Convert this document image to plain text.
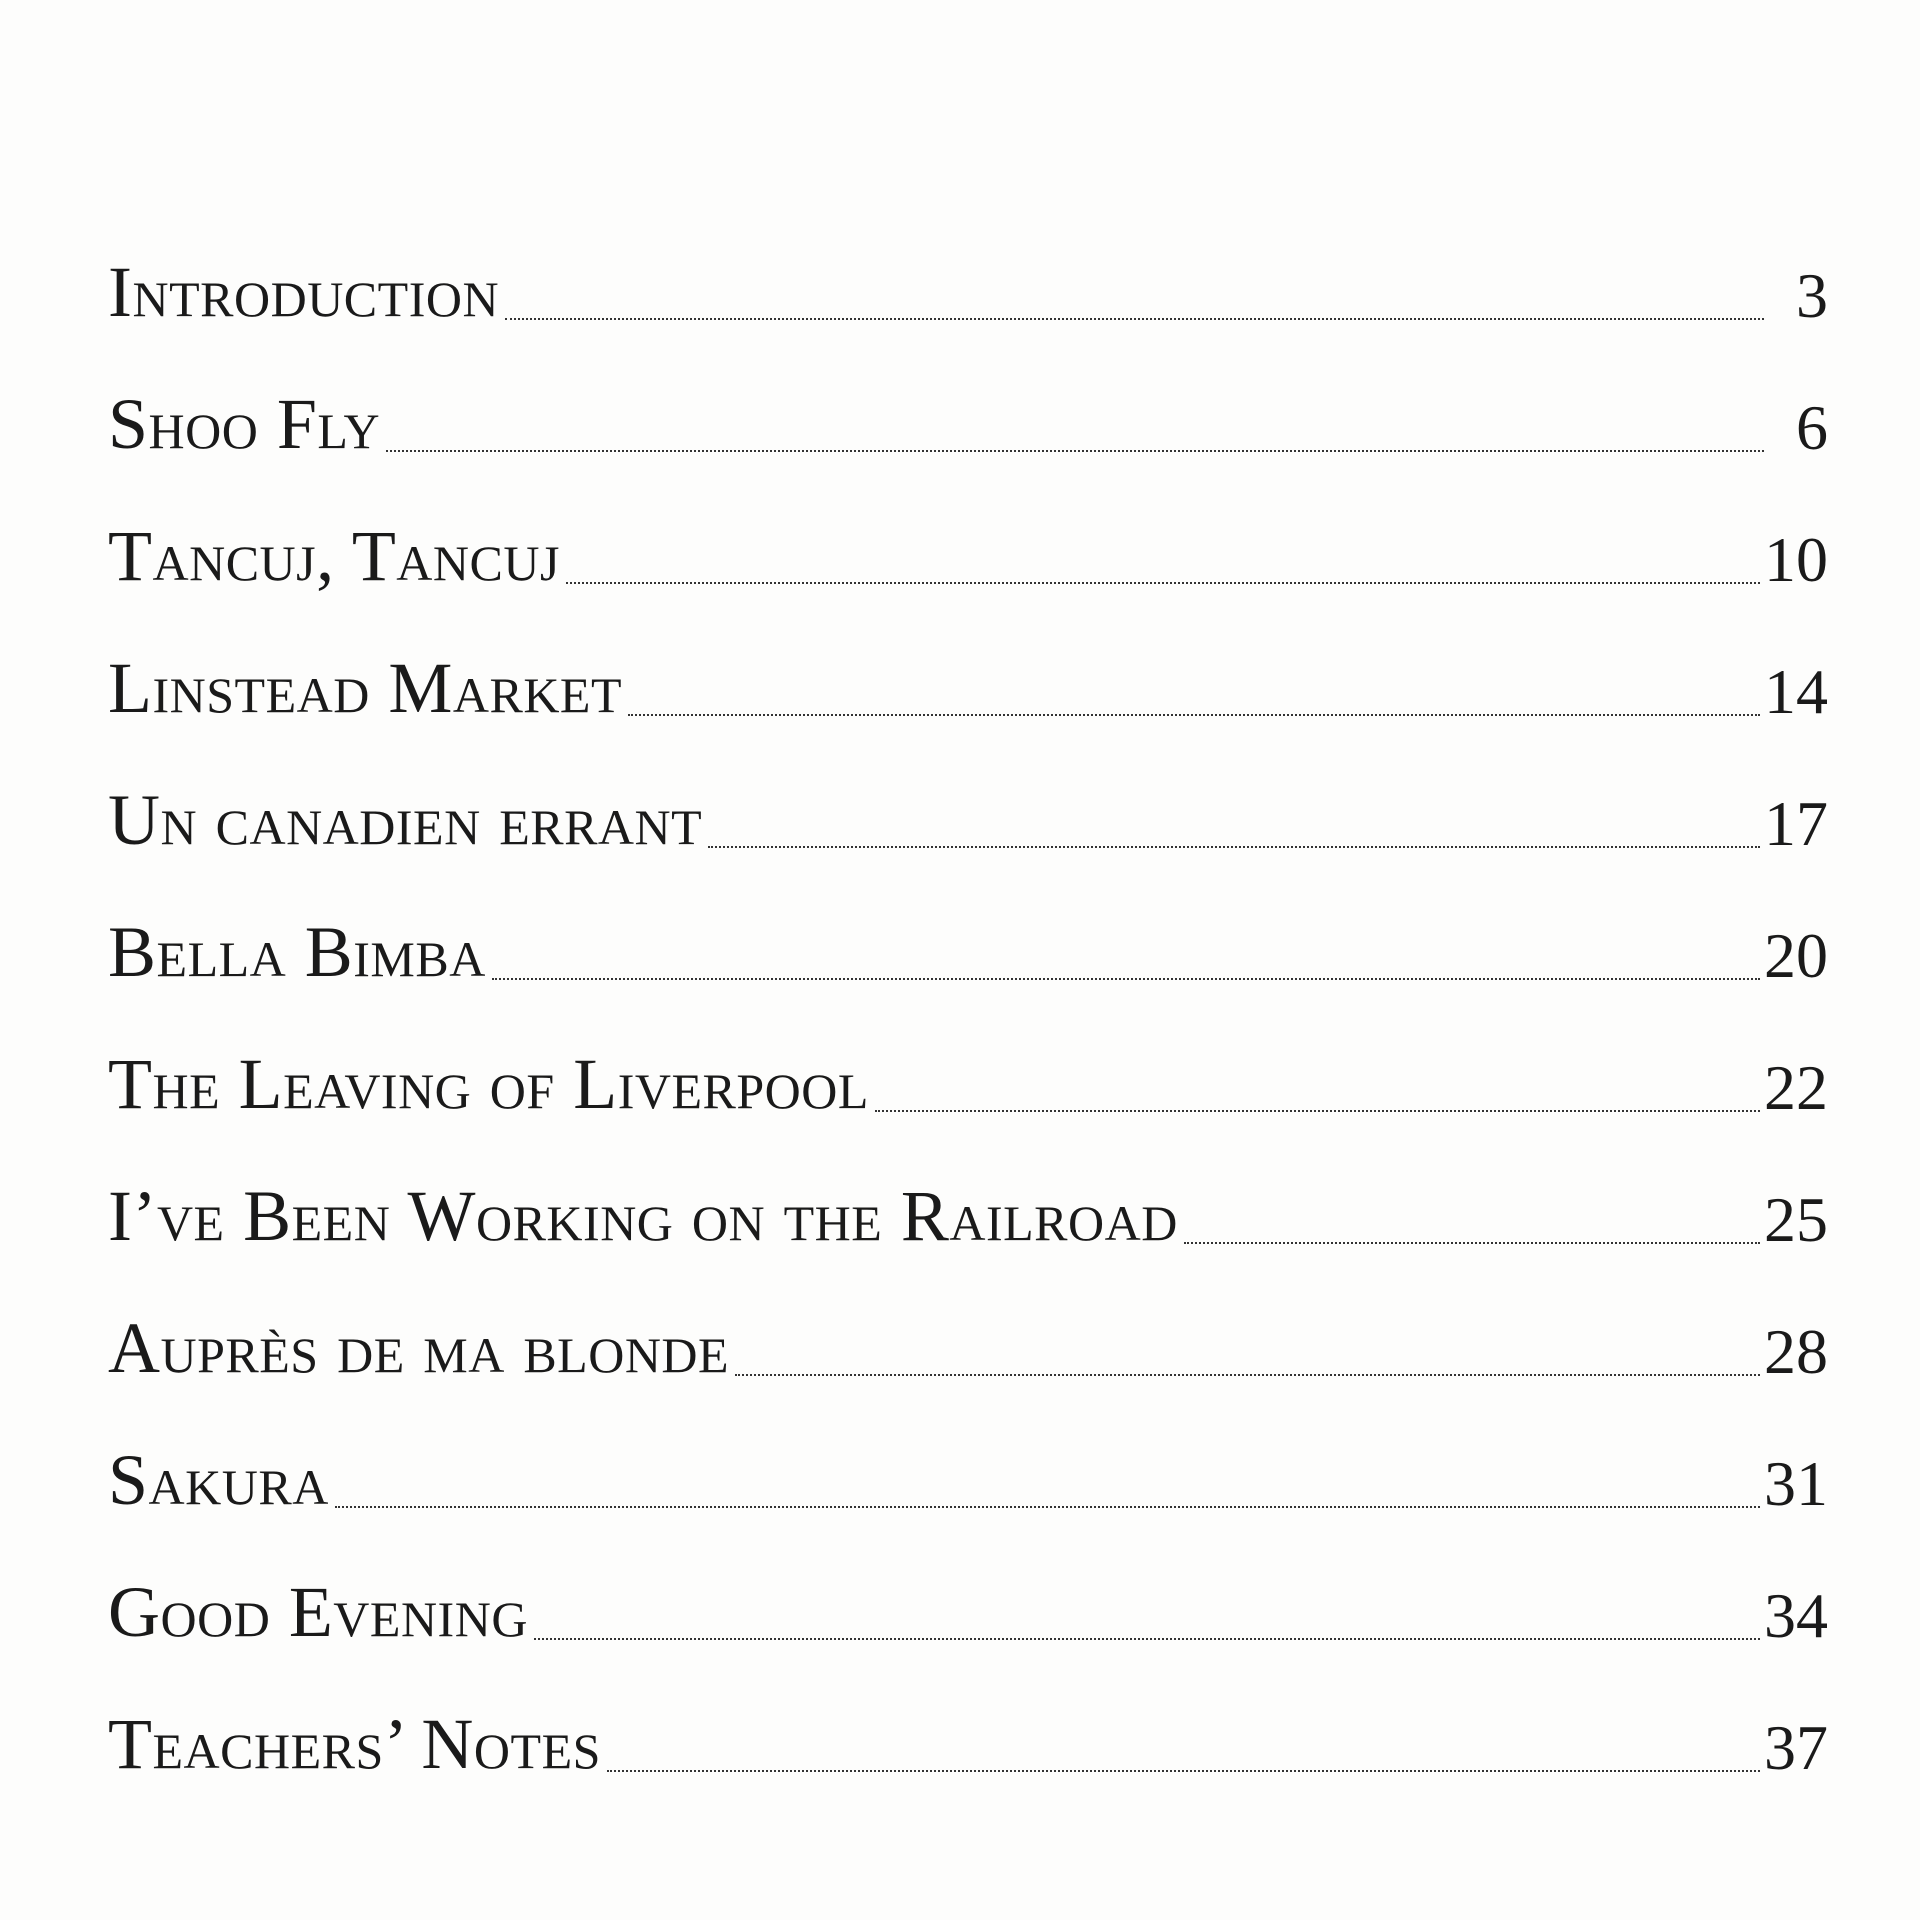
Introduction	3
Shoo Fly	6
Tancuj, Tancuj	10
Linstead Market	14
Un canadien errant	17
Bella Bimba	20
The Leaving of Liverpool	22
I’ve Been Working on the Railroad	25
Auprès de ma blonde	28
Sakura	31
Good Evening	34
Teachers’ Notes	37
